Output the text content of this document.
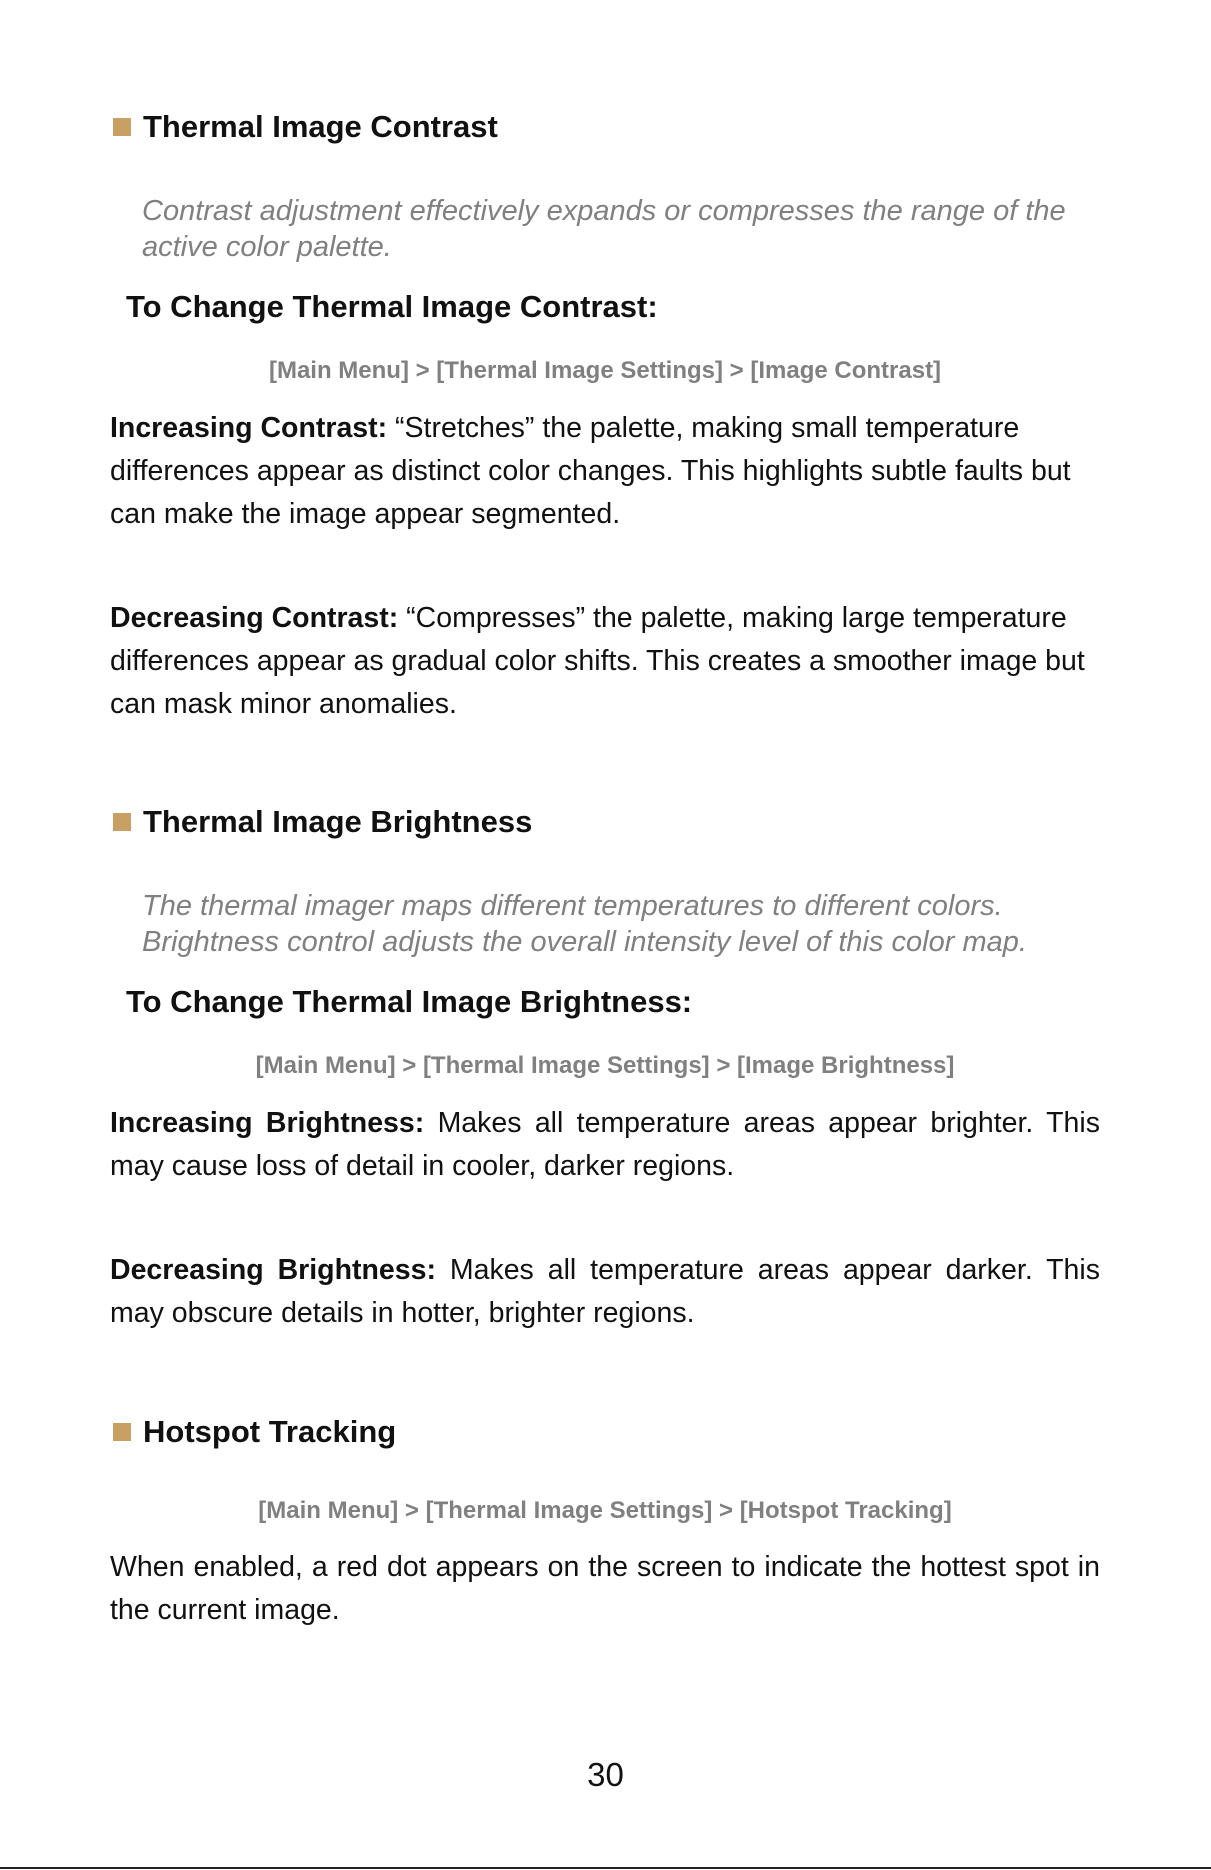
Thermal Image Contrast

Contrast adjustment effectively expands or compresses the range of the active color palette.

To Change Thermal Image Contrast:

[Main Menu] > [Thermal Image Settings] > [Image Contrast]

Increasing Contrast: “Stretches” the palette, making small temperature differences appear as distinct color changes. This highlights subtle faults but can make the image appear segmented.

Decreasing Contrast: “Compresses” the palette, making large temperature differences appear as gradual color shifts. This creates a smoother image but can mask minor anomalies.

Thermal Image Brightness

The thermal imager maps different temperatures to different colors. Brightness control adjusts the overall intensity level of this color map.

To Change Thermal Image Brightness:

[Main Menu] > [Thermal Image Settings] > [Image Brightness]

Increasing Brightness: Makes all temperature areas appear brighter. This may cause loss of detail in cooler, darker regions.

Decreasing Brightness: Makes all temperature areas appear darker. This may obscure details in hotter, brighter regions.

Hotspot Tracking

[Main Menu] > [Thermal Image Settings] > [Hotspot Tracking]

When enabled, a red dot appears on the screen to indicate the hottest spot in the current image.

30
